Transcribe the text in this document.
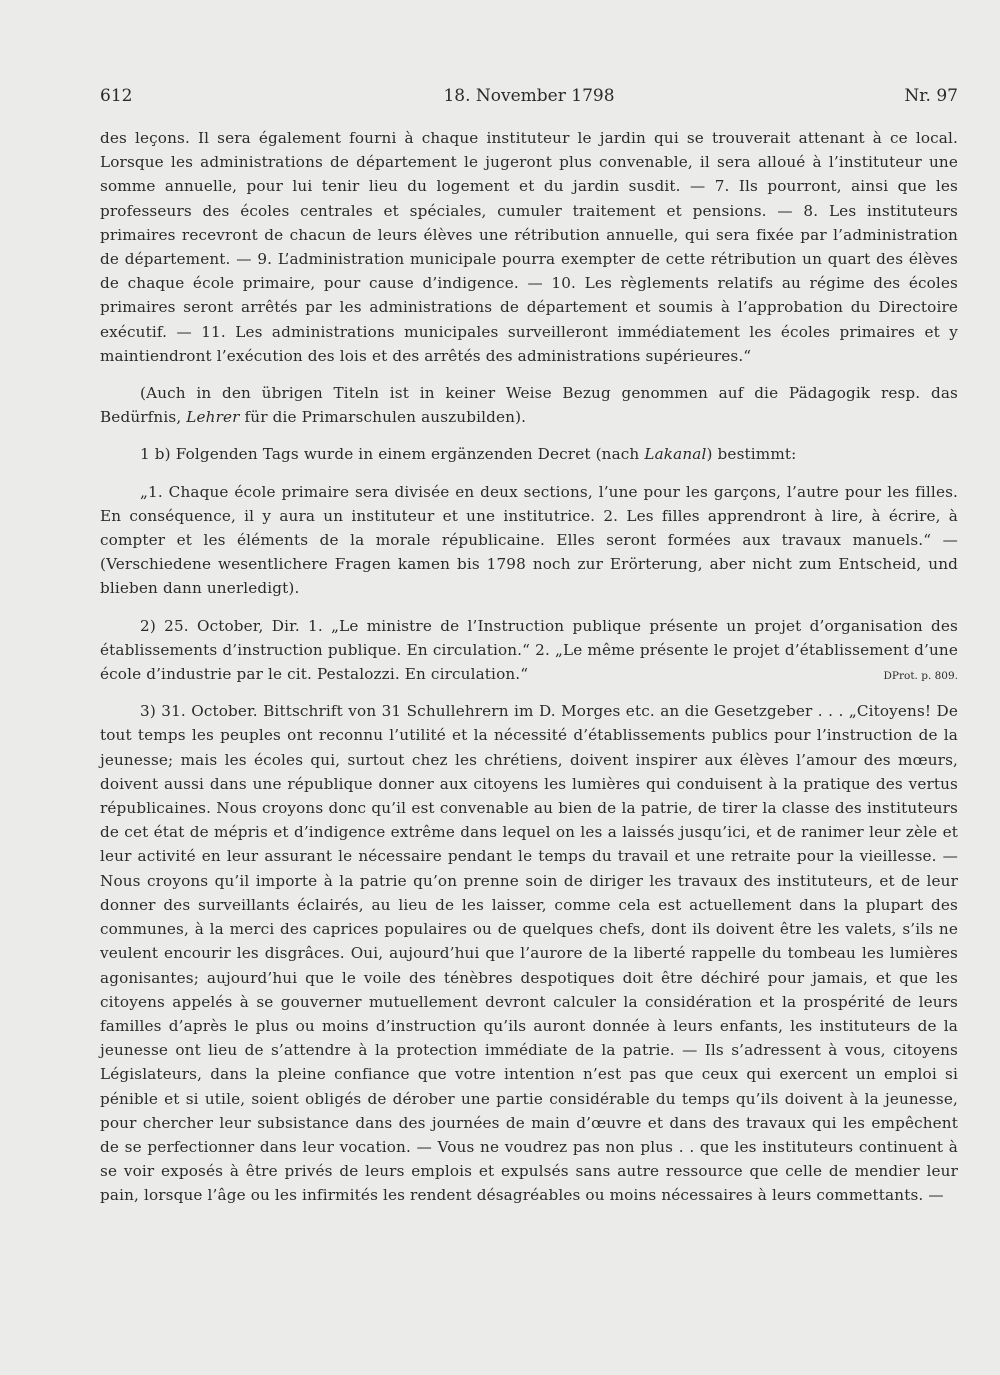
612	18. November 1798	Nr. 97

des leçons. Il sera également fourni à chaque instituteur le jardin qui se trouverait attenant à ce local. Lorsque les administrations de département le jugeront plus convenable, il sera alloué à l’instituteur une somme annuelle, pour lui tenir lieu du logement et du jardin susdit. — 7. Ils pourront, ainsi que les professeurs des écoles centrales et spéciales, cumuler traitement et pensions. — 8. Les instituteurs primaires recevront de chacun de leurs élèves une rétribution annuelle, qui sera fixée par l’administration de département. — 9. L’administration municipale pourra exempter de cette rétribution un quart des élèves de chaque école primaire, pour cause d’indigence. — 10. Les règlements relatifs au régime des écoles primaires seront arrêtés par les administrations de département et soumis à l’approbation du Directoire exécutif. — 11. Les administrations municipales surveilleront immédiatement les écoles primaires et y maintiendront l’exécution des lois et des arrêtés des administrations supérieures.“

(Auch in den übrigen Titeln ist in keiner Weise Bezug genommen auf die Pädagogik resp. das Bedürfnis, Lehrer für die Primarschulen auszubilden).

1 b) Folgenden Tags wurde in einem ergänzenden Decret (nach Lakanal) bestimmt:

„1. Chaque école primaire sera divisée en deux sections, l’une pour les garçons, l’autre pour les filles. En conséquence, il y aura un instituteur et une institutrice. 2. Les filles apprendront à lire, à écrire, à compter et les éléments de la morale républicaine. Elles seront formées aux travaux manuels.“ — (Verschiedene wesentlichere Fragen kamen bis 1798 noch zur Erörterung, aber nicht zum Entscheid, und blieben dann unerledigt).

2) 25. October, Dir. 1. „Le ministre de l’Instruction publique présente un projet d’organisation des établissements d’instruction publique. En circulation.“ 2. „Le même présente le projet d’établissement d’une école d’industrie par le cit. Pestalozzi. En circulation.“	DProt. p. 809.

3) 31. October. Bittschrift von 31 Schullehrern im D. Morges etc. an die Gesetzgeber . . . „Citoyens! De tout temps les peuples ont reconnu l’utilité et la nécessité d’établissements publics pour l’instruction de la jeunesse; mais les écoles qui, surtout chez les chrétiens, doivent inspirer aux élèves l’amour des mœurs, doivent aussi dans une république donner aux citoyens les lumières qui conduisent à la pratique des vertus républicaines. Nous croyons donc qu’il est convenable au bien de la patrie, de tirer la classe des instituteurs de cet état de mépris et d’indigence extrême dans lequel on les a laissés jusqu’ici, et de ranimer leur zèle et leur activité en leur assurant le nécessaire pendant le temps du travail et une retraite pour la vieillesse. — Nous croyons qu’il importe à la patrie qu’on prenne soin de diriger les travaux des instituteurs, et de leur donner des surveillants éclairés, au lieu de les laisser, comme cela est actuellement dans la plupart des communes, à la merci des caprices populaires ou de quelques chefs, dont ils doivent être les valets, s’ils ne veulent encourir les disgrâces. Oui, aujourd’hui que l’aurore de la liberté rappelle du tombeau les lumières agonisantes; aujourd’hui que le voile des ténèbres despotiques doit être déchiré pour jamais, et que les citoyens appelés à se gouverner mutuellement devront calculer la considération et la prospérité de leurs familles d’après le plus ou moins d’instruction qu’ils auront donnée à leurs enfants, les instituteurs de la jeunesse ont lieu de s’attendre à la protection immédiate de la patrie. — Ils s’adressent à vous, citoyens Législateurs, dans la pleine confiance que votre intention n’est pas que ceux qui exercent un emploi si pénible et si utile, soient obligés de dérober une partie considérable du temps qu’ils doivent à la jeunesse, pour chercher leur subsistance dans des journées de main d’œuvre et dans des travaux qui les empêchent de se perfectionner dans leur vocation. — Vous ne voudrez pas non plus . . que les instituteurs continuent à se voir exposés à être privés de leurs emplois et expulsés sans autre ressource que celle de mendier leur pain, lorsque l’âge ou les infirmités les rendent désagréables ou moins nécessaires à leurs commettants. —
